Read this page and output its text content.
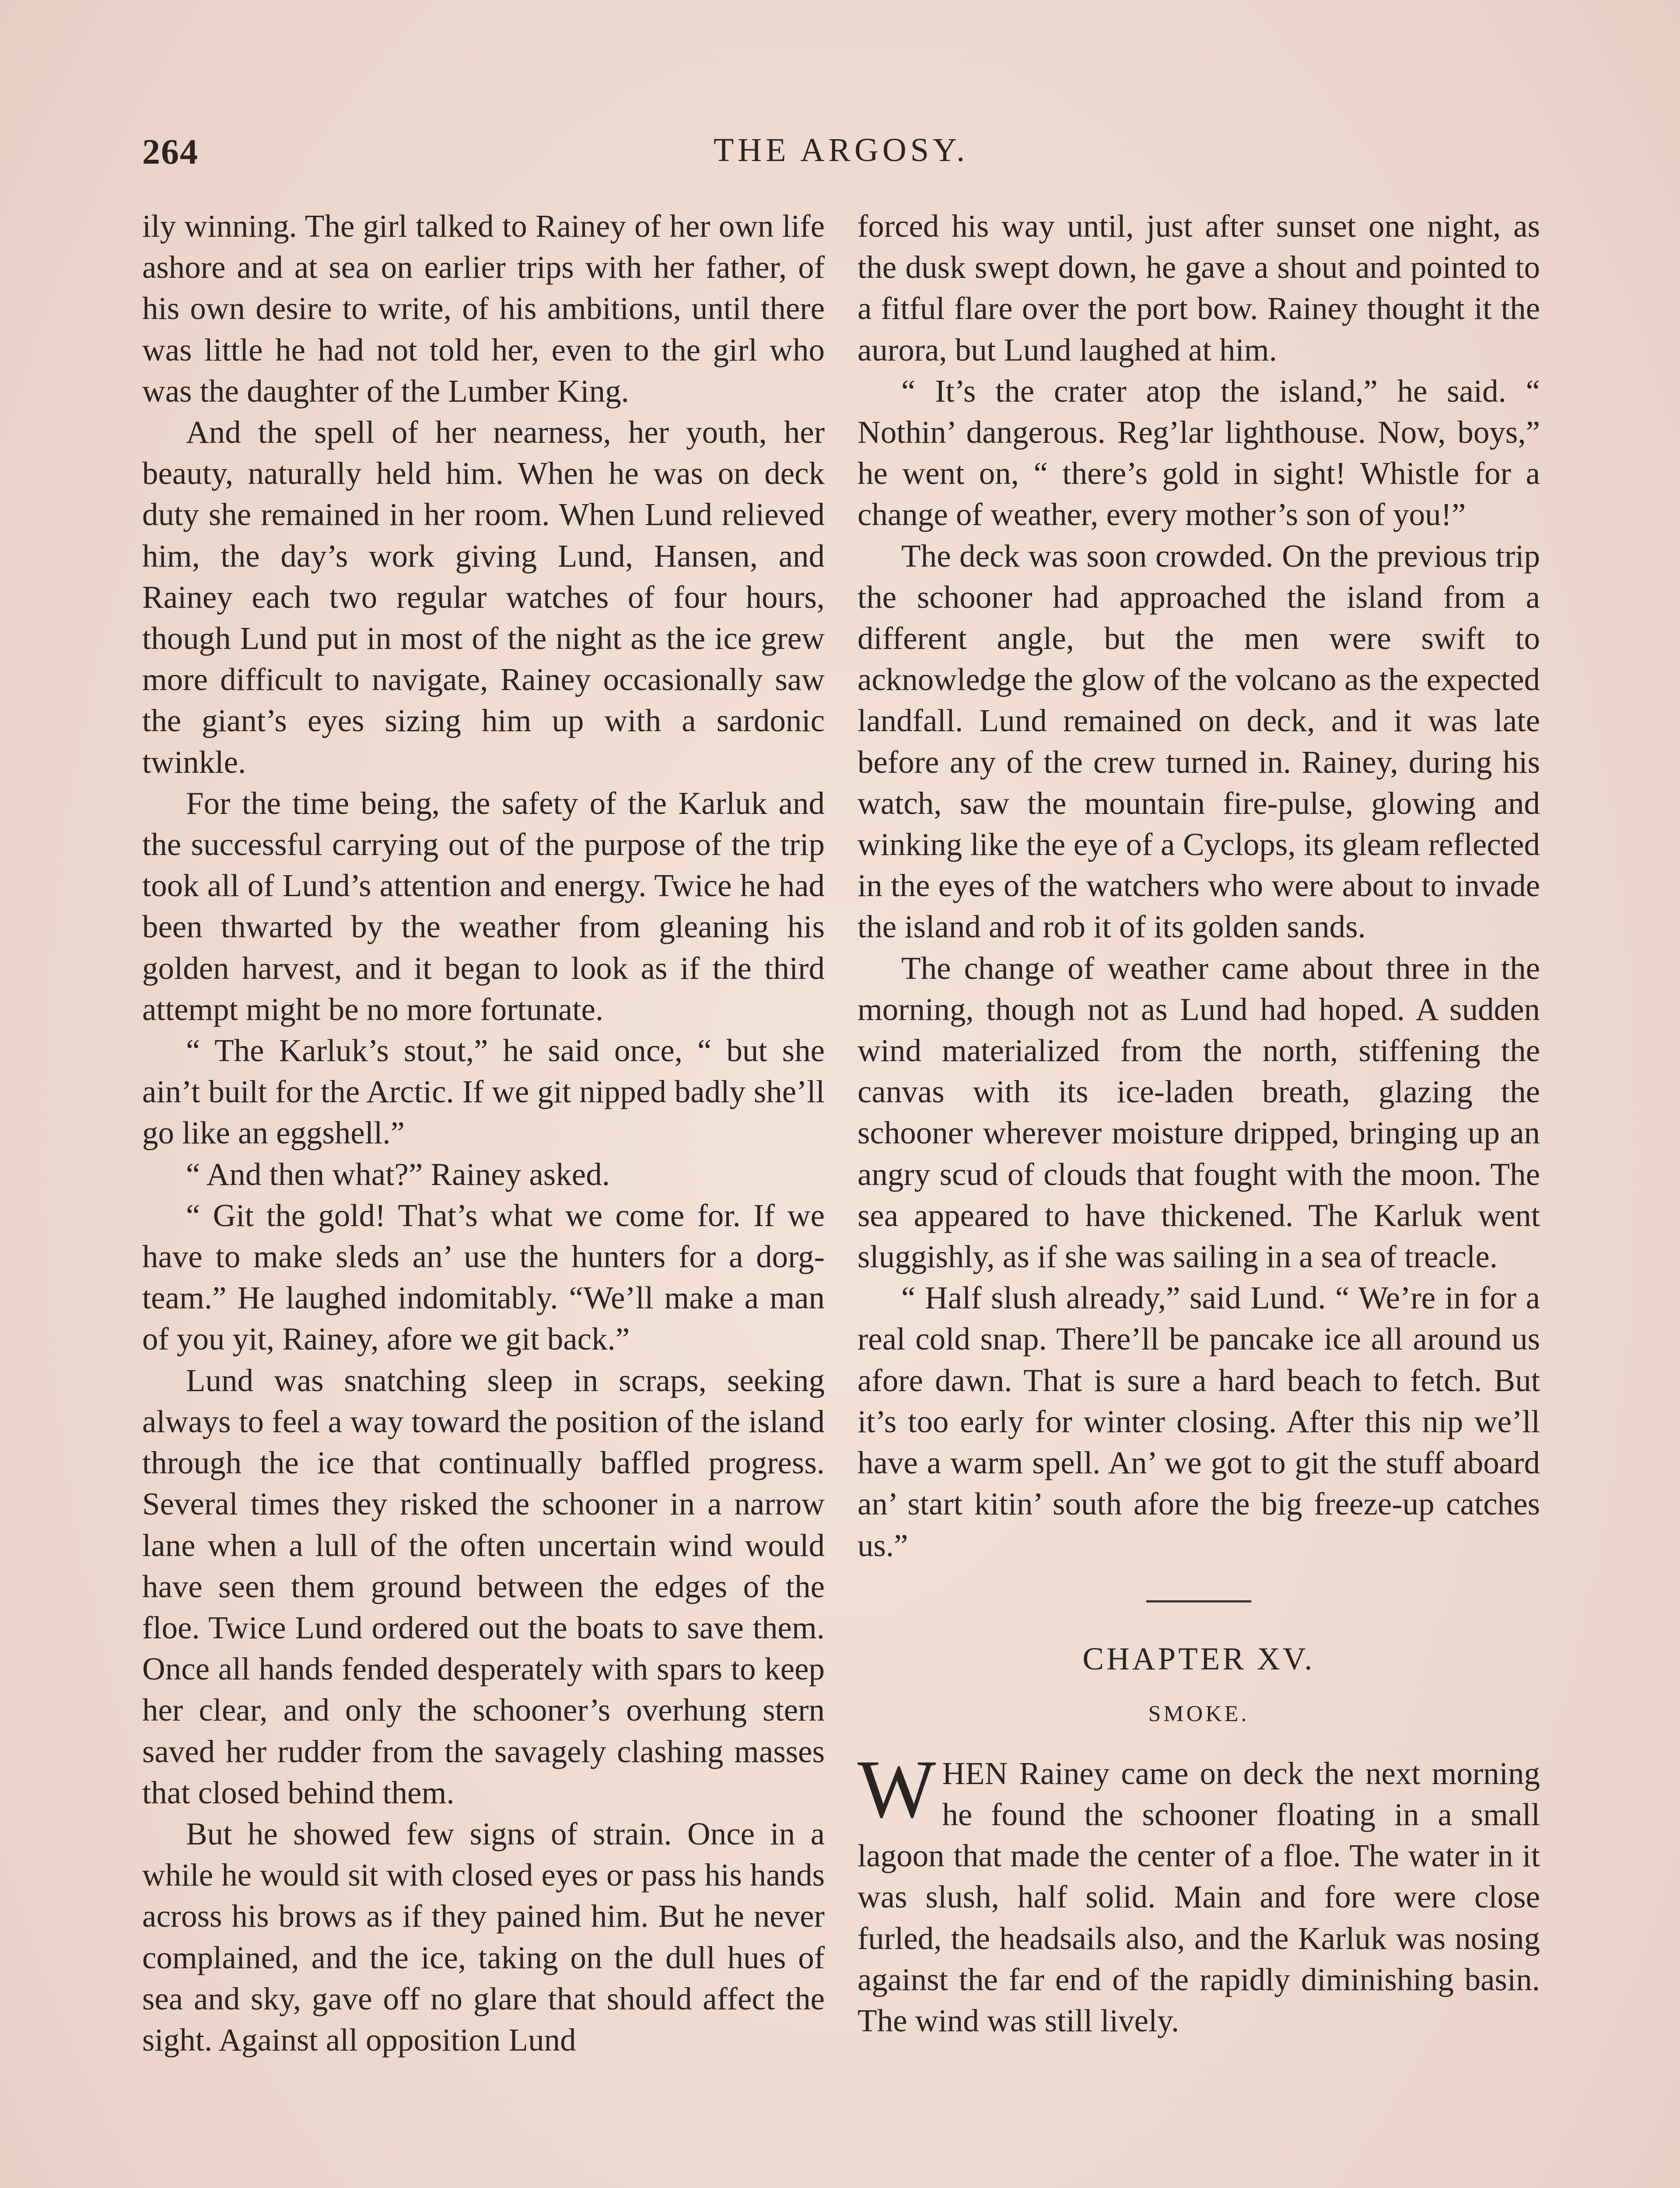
264	THE ARGOSY.

ily winning. The girl talked to Rainey of her own life ashore and at sea on earlier trips with her father, of his own desire to write, of his ambitions, until there was little he had not told her, even to the girl who was the daughter of the Lumber King.

And the spell of her nearness, her youth, her beauty, naturally held him. When he was on deck duty she remained in her room. When Lund relieved him, the day’s work giving Lund, Hansen, and Rainey each two regular watches of four hours, though Lund put in most of the night as the ice grew more difficult to navigate, Rainey occasionally saw the giant’s eyes sizing him up with a sardonic twinkle.

For the time being, the safety of the Karluk and the successful carrying out of the purpose of the trip took all of Lund’s attention and energy. Twice he had been thwarted by the weather from gleaning his golden harvest, and it began to look as if the third attempt might be no more fortunate.

“ The Karluk’s stout,” he said once, “ but she ain’t built for the Arctic. If we git nipped badly she’ll go like an eggshell.”

“ And then what?” Rainey asked.

“ Git the gold! That’s what we come for. If we have to make sleds an’ use the hunters for a dorg-team.” He laughed indomitably. “We’ll make a man of you yit, Rainey, afore we git back.”

Lund was snatching sleep in scraps, seeking always to feel a way toward the position of the island through the ice that continually baffled progress. Several times they risked the schooner in a narrow lane when a lull of the often uncertain wind would have seen them ground between the edges of the floe. Twice Lund ordered out the boats to save them. Once all hands fended desperately with spars to keep her clear, and only the schooner’s overhung stern saved her rudder from the savagely clashing masses that closed behind them.

But he showed few signs of strain. Once in a while he would sit with closed eyes or pass his hands across his brows as if they pained him. But he never complained, and the ice, taking on the dull hues of sea and sky, gave off no glare that should affect the sight. Against all opposition Lund

forced his way until, just after sunset one night, as the dusk swept down, he gave a shout and pointed to a fitful flare over the port bow. Rainey thought it the aurora, but Lund laughed at him.

“ It’s the crater atop the island,” he said. “ Nothin’ dangerous. Reg’lar lighthouse. Now, boys,” he went on, “ there’s gold in sight! Whistle for a change of weather, every mother’s son of you!”

The deck was soon crowded. On the previous trip the schooner had approached the island from a different angle, but the men were swift to acknowledge the glow of the volcano as the expected landfall. Lund remained on deck, and it was late before any of the crew turned in. Rainey, during his watch, saw the mountain fire-pulse, glowing and winking like the eye of a Cyclops, its gleam reflected in the eyes of the watchers who were about to invade the island and rob it of its golden sands.

The change of weather came about three in the morning, though not as Lund had hoped. A sudden wind materialized from the north, stiffening the canvas with its ice-laden breath, glazing the schooner wherever moisture dripped, bringing up an angry scud of clouds that fought with the moon. The sea appeared to have thickened. The Karluk went sluggishly, as if she was sailing in a sea of treacle.

“ Half slush already,” said Lund. “ We’re in for a real cold snap. There’ll be pancake ice all around us afore dawn. That is sure a hard beach to fetch. But it’s too early for winter closing. After this nip we’ll have a warm spell. An’ we got to git the stuff aboard an’ start kitin’ south afore the big freeze-up catches us.”

CHAPTER XV.
SMOKE.

WHEN Rainey came on deck the next morning he found the schooner floating in a small lagoon that made the center of a floe. The water in it was slush, half solid. Main and fore were close furled, the headsails also, and the Karluk was nosing against the far end of the rapidly diminishing basin. The wind was still lively.
